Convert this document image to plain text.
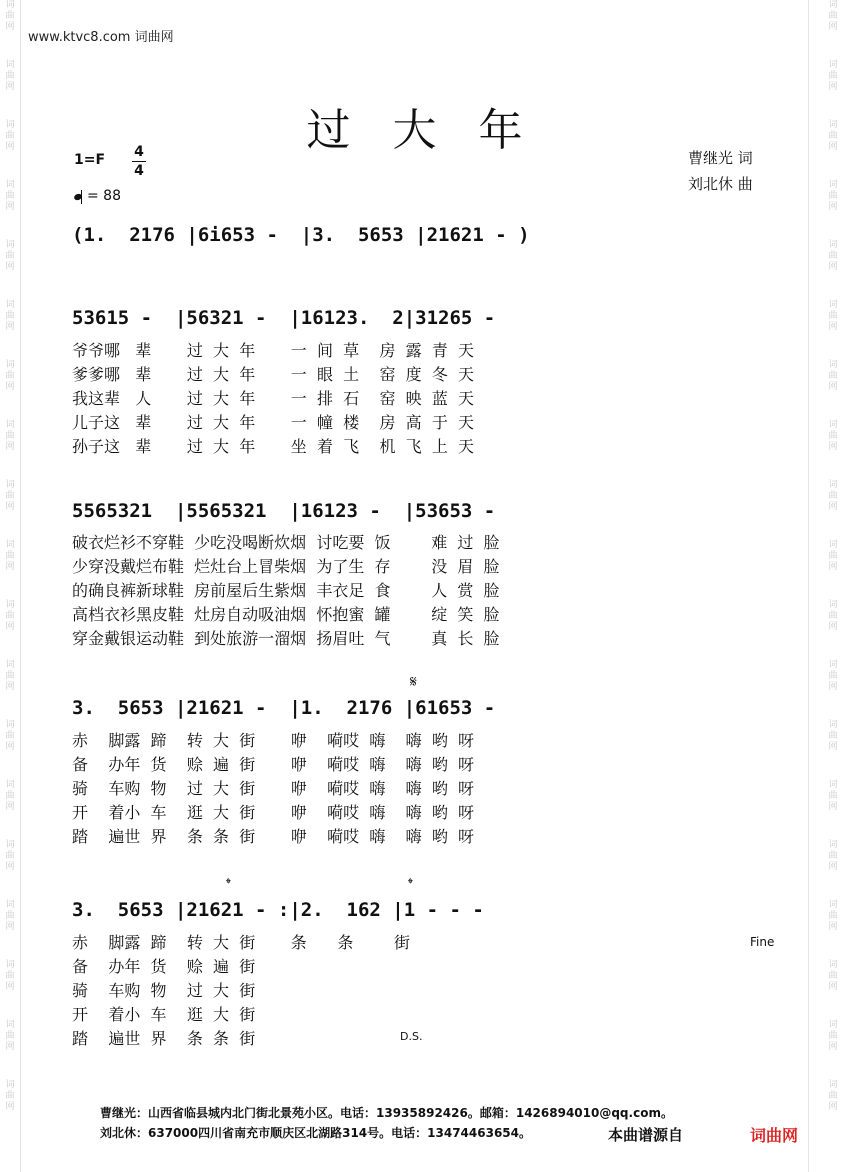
词
曲
网
词
曲
网
词
曲
网
词
曲
网
词
曲
网
词
曲
网
词
曲
网
词
曲
网
词
曲
网
词
曲
网
词
曲
网
词
曲
网
词
曲
网
词
曲
网
词
曲
网
词
曲
网
词
曲
网
词
曲
网
词
曲
网
词
曲
网
词
曲
网
词
曲
网
词
曲
网
词
曲
网
词
曲
网
词
曲
网
词
曲
网
词
曲
网
词
曲
网
词
曲
网
词
曲
网
词
曲
网
词
曲
网
词
曲
网
词
曲
网
词
曲
网
词
曲
网
词
曲
网
www.ktvc8.com 词曲网
过 大 年
1=F 4
4
= 88
曹继光 词
刘北休 曲
(1.  2176 |6i653 -  |3.  5653 |21621 - )
53615 -  |56321 -  |16123.  2|31265 -
爷爷哪   辈       过  大  年       一  间  草    房  露  青  天
爹爹哪   辈       过  大  年       一  眼  土    窑  度  冬  天
我这辈   人       过  大  年       一  排  石    窑  映  蓝  天
儿子这   辈       过  大  年       一  幢  楼    房  高  于  天
孙子这   辈       过  大  年       坐  着  飞    机  飞  上  天
5565321  |5565321  |16123 -  |53653 -
破衣烂衫不穿鞋  少吃没喝断炊烟  讨吃要  饭        难  过  脸
少穿没戴烂布鞋  烂灶台上冒柴烟  为了生  存        没  眉  脸
的确良裤新球鞋  房前屋后生紫烟  丰衣足  食        人  赏  脸
高档衣衫黑皮鞋  灶房自动吸油烟  怀抱蜜  罐        绽  笑  脸
穿金戴银运动鞋  到处旅游一溜烟  扬眉吐  气        真  长  脸
𝄋
3.  5653 |21621 -  |1.  2176 |61653 -
赤    脚露  蹄    转  大  街       咿    嗬哎  嗨    嗨  哟  呀
备    办年  货    赊  遍  街       咿    嗬哎  嗨    嗨  哟  呀
骑    车购  物    过  大  街       咿    嗬哎  嗨    嗨  哟  呀
开    着小  车    逛  大  街       咿    嗬哎  嗨    嗨  哟  呀
踏    遍世  界    条  条  街       咿    嗬哎  嗨    嗨  哟  呀
𝄌	𝄌
3.  5653 |21621 - :|2.  162 |1 - - -
赤    脚露  蹄    转  大  街       条      条        街
备    办年  货    赊  遍  街
骑    车购  物    过  大  街
开    着小  车    逛  大  街
踏    遍世  界    条  条  街
Fine
D.S.
曹继光：山西省临县城内北门街北景苑小区。电话：13935892426。邮箱：1426894010@qq.com。
刘北休：637000四川省南充市顺庆区北湖路314号。电话：13474463654。	本曲谱源自	词曲网
